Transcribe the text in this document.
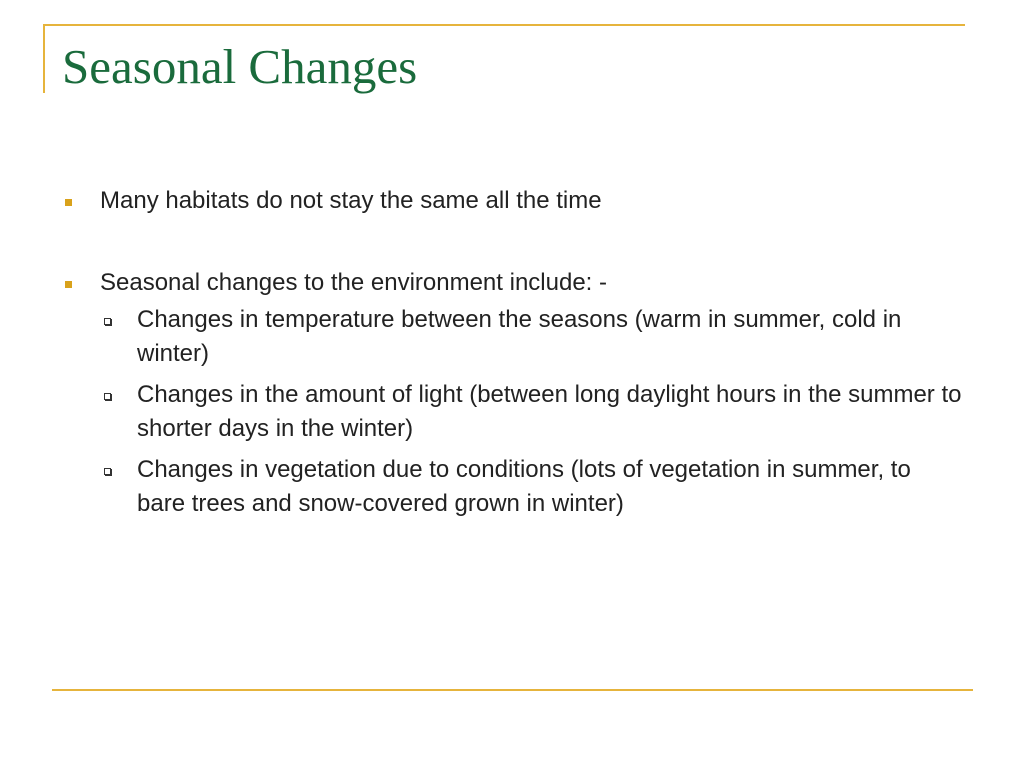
Seasonal Changes
Many habitats do not stay the same all the time
Seasonal changes to the environment include: -
Changes in temperature between the seasons (warm in summer, cold in winter)
Changes in the amount of light (between long daylight hours in the summer to shorter days in the winter)
Changes in vegetation due to conditions (lots of vegetation in summer, to bare trees and snow-covered grown in winter)
